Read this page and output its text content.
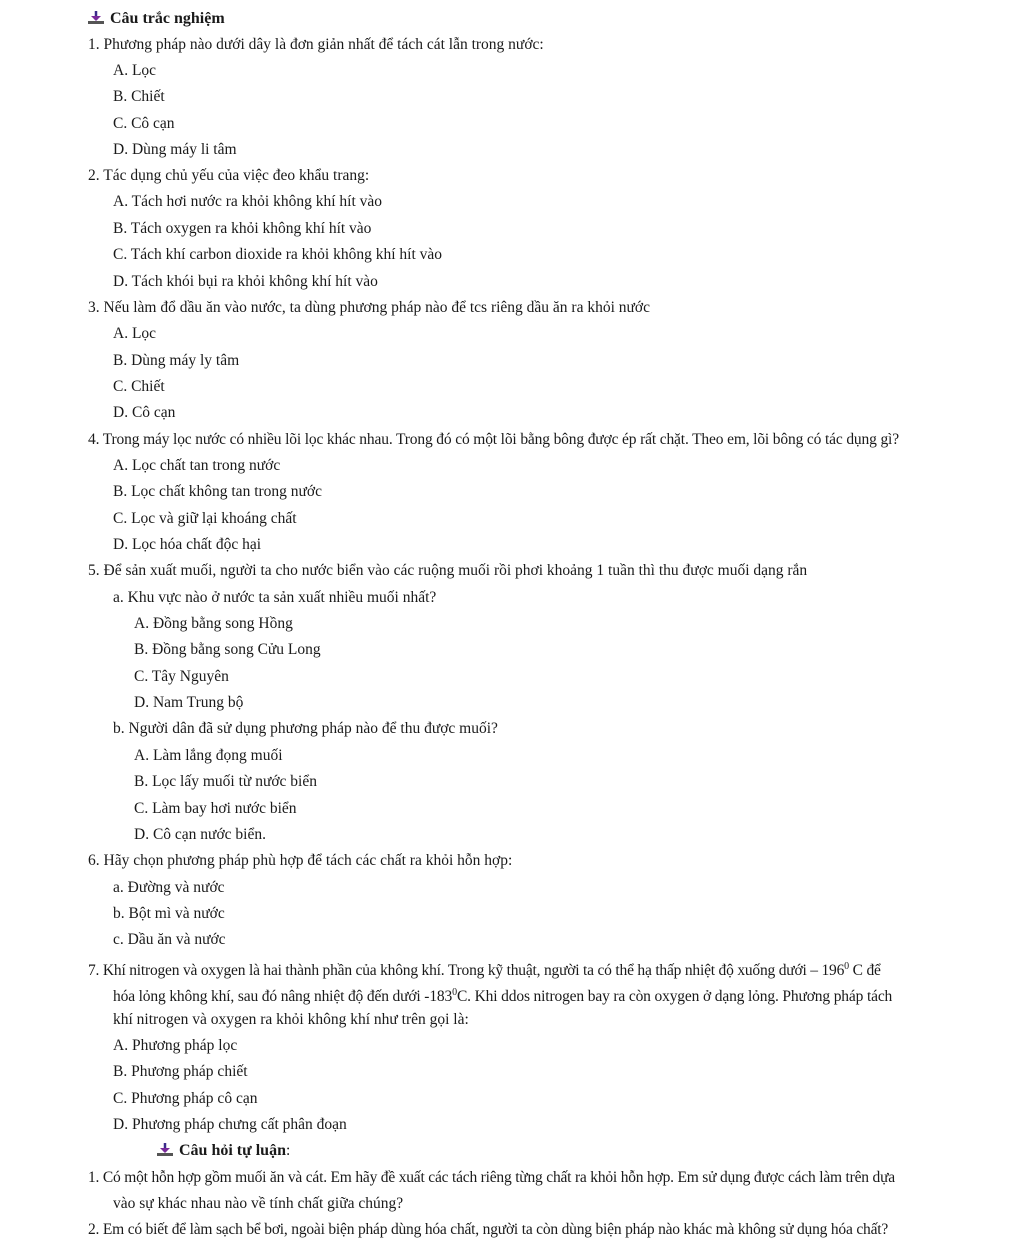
Câu trắc nghiệm
1. Phương pháp nào dưới dây là đơn giản nhất để tách cát lẫn trong nước:
A. Lọc
B. Chiết
C. Cô cạn
D. Dùng máy li tâm
2. Tác dụng chủ yếu của việc đeo khẩu trang:
A. Tách hơi nước ra khỏi không khí hít vào
B. Tách oxygen ra khỏi không khí hít vào
C. Tách khí carbon dioxide ra khỏi không khí hít vào
D. Tách khói bụi ra khỏi không khí hít vào
3. Nếu làm đổ dầu ăn vào nước, ta dùng phương pháp nào để tcs riêng dầu ăn ra khỏi nước
A. Lọc
B. Dùng máy ly tâm
C. Chiết
D. Cô cạn
4. Trong máy lọc nước có nhiều lõi lọc khác nhau. Trong đó có một lõi bằng bông được ép rất chặt. Theo em, lõi bông có tác dụng gì?
A. Lọc chất tan trong nước
B. Lọc chất không tan trong nước
C. Lọc và giữ lại khoáng chất
D. Lọc hóa chất độc hại
5. Để sản xuất muối, người ta cho nước biển vào các ruộng muối rồi phơi khoảng 1 tuần thì thu được muối dạng rắn
a. Khu vực nào ở nước ta sản xuất nhiều muối nhất?
A. Đồng bằng song Hồng
B. Đồng bằng song Cửu Long
C. Tây Nguyên
D. Nam Trung bộ
b. Người dân đã sử dụng phương pháp nào để thu được muối?
A. Làm lắng đọng muối
B. Lọc lấy muối từ nước biển
C. Làm bay hơi nước biển
D. Cô cạn nước biển.
6. Hãy chọn phương pháp phù hợp để tách các chất ra khỏi hỗn hợp:
a. Đường và nước
b. Bột mì và nước
c. Dầu ăn và nước
7. Khí nitrogen và oxygen là hai thành phần của không khí. Trong kỹ thuật, người ta có thể hạ thấp nhiệt độ xuống dưới – $196^0$ C để
hóa lỏng không khí, sau đó nâng nhiệt độ đến dưới $-183^0C$. Khi ddos nitrogen bay ra còn oxygen ở dạng lỏng. Phương pháp tách
khí nitrogen và oxygen ra khỏi không khí như trên gọi là:
A. Phương pháp lọc
B. Phương pháp chiết
C. Phương pháp cô cạn
D. Phương pháp chưng cất phân đoạn
Câu hỏi tự luận:
1. Có một hỗn hợp gồm muối ăn và cát. Em hãy đề xuất các tách riêng từng chất ra khỏi hỗn hợp. Em sử dụng được cách làm trên dựa
vào sự khác nhau nào về tính chất giữa chúng?
2. Em có biết để làm sạch bể bơi, ngoài biện pháp dùng hóa chất, người ta còn dùng biện pháp nào khác mà không sử dụng hóa chất?
